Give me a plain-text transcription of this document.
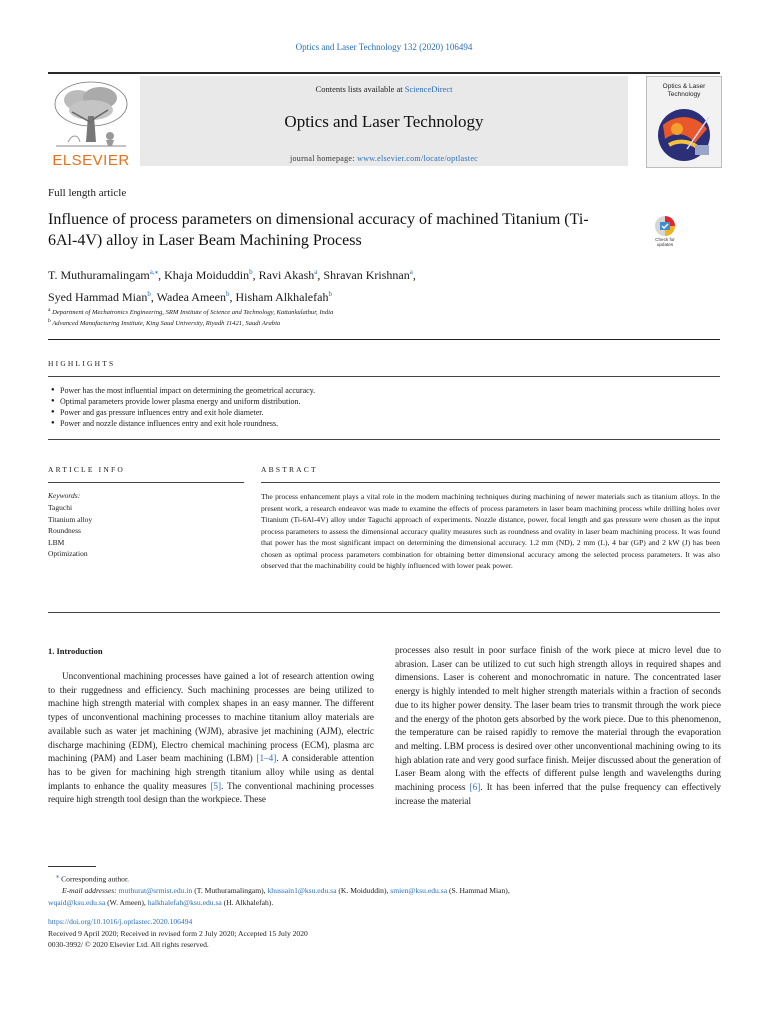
Optics and Laser Technology 132 (2020) 106494
ELSEVIER
Contents lists available at ScienceDirect
Optics and Laser Technology
journal homepage: www.elsevier.com/locate/optlastec
Optics & Laser Technology
Full length article
Influence of process parameters on dimensional accuracy of machined Titanium (Ti-6Al-4V) alloy in Laser Beam Machining Process	Check for updates
T. Muthuramalingam$^{a,⁎}$, Khaja Moiduddin$^b$, Ravi Akash$^a$, Shravan Krishnan$^a$,
Syed Hammad Mian$^b$, Wadea Ameen$^b$, Hisham Alkhalefah$^b$
$^a$ Department of Mechatronics Engineering, SRM Institute of Science and Technology, Kattankulathur, India
$^b$ Advanced Manufacturing Institute, King Saud University, Riyadh 11421, Saudi Arabia
HIGHLIGHTS
● Power has the most influential impact on determining the geometrical accuracy.
● Optimal parameters provide lower plasma energy and uniform distribution.
● Power and gas pressure influences entry and exit hole diameter.
● Power and nozzle distance influences entry and exit hole roundness.
ARTICLE INFO	ABSTRACT
Keywords:
Taguchi
Titanium alloy
Roundness
LBM
Optimization
The process enhancement plays a vital role in the modern machining techniques during machining of newer materials such as titanium alloys. In the present work, a research endeavor was made to examine the effects of process parameters in laser beam machining process while drilling holes over Titanium (Ti-6Al-4V) alloy under Taguchi approach of experiments. Nozzle distance, power, focal length and gas pressure were chosen as the input process parameters to assess the dimensional accuracy quality measures such as roundness and ovality in laser beam machining process. It was found that power has the most significant impact on determining the dimensional accuracy. 1.2 mm (ND), 2 mm (L), 4 bar (GP) and 2 kW (J) has been chosen as optimal process parameters combination for obtaining better dimensional accuracy among the selected process parameters. It was also observed that the machinability could be highly influenced with lower peak power.
1. Introduction

Unconventional machining processes have gained a lot of research attention owing to their ruggedness and efficiency. Such machining processes are being utilized to machine high strength material with complex shapes in an easy manner. The different types of unconventional machining processes to machine titanium alloy materials are available such as water jet machining (WJM), abrasive jet machining (AJM), electric discharge machining (EDM), Electro chemical machining process (ECM), plasma arc machining (PAM) and Laser beam machining (LBM) [1–4]. A considerable attention has to be given for machining high strength titanium alloy while using as dental implants to enhance the quality measures [5]. The conventional machining processes require high strength tool design than the workpiece. These

processes also result in poor surface finish of the work piece at micro level due to abrasion. Laser can be utilized to cut such high strength alloys in required shapes and dimensions. Laser is coherent and monochromatic in nature. The concentrated laser energy is highly intended to melt higher strength materials within a fraction of seconds due to its higher power density. The laser beam tries to transmit through the work piece and the energy of the photon gets absorbed by the work piece. Due to this phenomenon, the temperature can be raised rapidly to remove the material through the evaporation and melting. LBM process is desired over other unconventional machining owing to its high ablation rate and very good surface finish. Meijer discussed about the generation of Laser Beam along with the effects of different pulse length and wavelengths during machining process [6]. It has been inferred that the pulse frequency can effectively increase the material

⁎ Corresponding author.
E-mail addresses: muthurat@srmist.edu.in (T. Muthuramalingam), khussain1@ksu.edu.sa (K. Moiduddin), smien@ksu.edu.sa (S. Hammad Mian),
wqaid@ksu.edu.sa (W. Ameen), halkhalefah@ksu.edu.sa (H. Alkhalefah).
https://doi.org/10.1016/j.optlastec.2020.106494
Received 9 April 2020; Received in revised form 2 July 2020; Accepted 15 July 2020
0030-3992/ © 2020 Elsevier Ltd. All rights reserved.
